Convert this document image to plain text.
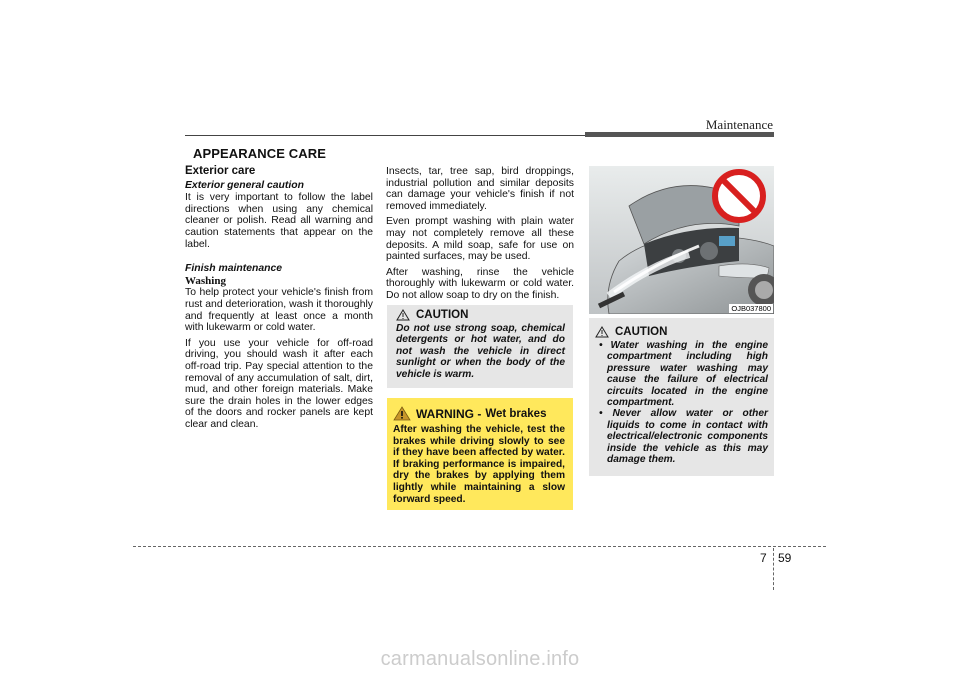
Maintenance
APPEARANCE CARE
Exterior care
Exterior general caution

It is very important to follow the label directions when using any chemical cleaner or polish. Read all warning and caution statements that appear on the label.

Finish maintenance
Washing

To help protect your vehicle's finish from rust and deterioration, wash it thoroughly and frequently at least once a month with lukewarm or cold water.

If you use your vehicle for off-road driving, you should wash it after each off-road trip. Pay special attention to the removal of any accumulation of salt, dirt, mud, and other foreign materials. Make sure the drain holes in the lower edges of the doors and rocker panels are kept clear and clean.

Insects, tar, tree sap, bird droppings, industrial pollution and similar deposits can damage your vehicle's finish if not removed immediately.

Even prompt washing with plain water may not completely remove all these deposits. A mild soap, safe for use on painted surfaces, may be used.

After washing, rinse the vehicle thoroughly with lukewarm or cold water. Do not allow soap to dry on the finish.

CAUTION
Do not use strong soap, chemical detergents or hot water, and do not wash the vehicle in direct sunlight or when the body of the vehicle is warm.
WARNING - Wet brakes
After washing the vehicle, test the brakes while driving slowly to see if they have been affected by water. If braking performance is impaired, dry the brakes by applying them lightly while maintaining a slow forward speed.
OJB037800
CAUTION
• Water washing in the engine compartment including high pressure water washing may cause the failure of electrical circuits located in the engine compartment.
• Never allow water or other liquids to come in contact with electrical/electronic components inside the vehicle as this may damage them.
7 59
carmanualsonline.info
